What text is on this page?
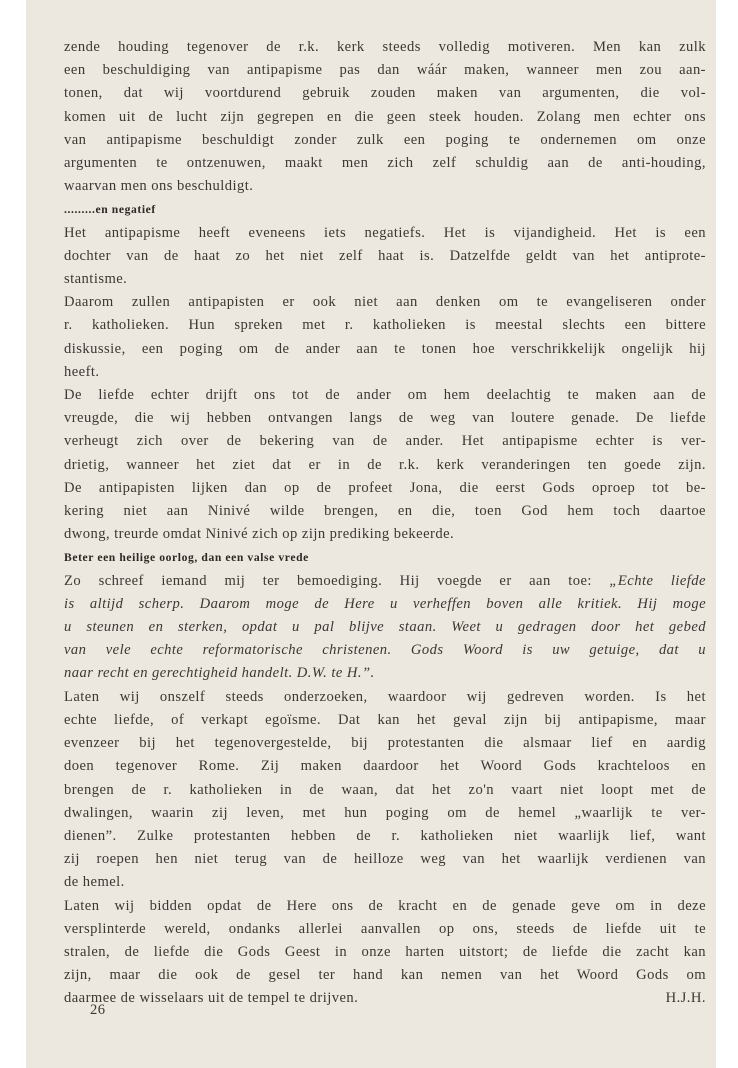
zende houding tegenover de r.k. kerk steeds volledig motiveren. Men kan zulk

een beschuldiging van antipapisme pas dan wáár maken, wanneer men zou aan-

tonen, dat wij voortdurend gebruik zouden maken van argumenten, die vol-

komen uit de lucht zijn gegrepen en die geen steek houden. Zolang men echter ons

van antipapisme beschuldigt zonder zulk een poging te ondernemen om onze

argumenten te ontzenuwen, maakt men zich zelf schuldig aan de anti-houding,

waarvan men ons beschuldigt.

.........en negatief

Het antipapisme heeft eveneens iets negatiefs. Het is vijandigheid. Het is een

dochter van de haat zo het niet zelf haat is. Datzelfde geldt van het antiprote-

stantisme.

Daarom zullen antipapisten er ook niet aan denken om te evangeliseren onder

r. katholieken. Hun spreken met r. katholieken is meestal slechts een bittere

diskussie, een poging om de ander aan te tonen hoe verschrikkelijk ongelijk hij

heeft.

De liefde echter drijft ons tot de ander om hem deelachtig te maken aan de

vreugde, die wij hebben ontvangen langs de weg van loutere genade. De liefde

verheugt zich over de bekering van de ander. Het antipapisme echter is ver-

drietig, wanneer het ziet dat er in de r.k. kerk veranderingen ten goede zijn.

De antipapisten lijken dan op de profeet Jona, die eerst Gods oproep tot be-

kering niet aan Ninivé wilde brengen, en die, toen God hem toch daartoe

dwong, treurde omdat Ninivé zich op zijn prediking bekeerde.

Beter een heilige oorlog, dan een valse vrede

Zo schreef iemand mij ter bemoediging. Hij voegde er aan toe: „Echte liefde

is altijd scherp. Daarom moge de Here u verheffen boven alle kritiek. Hij moge

u steunen en sterken, opdat u pal blijve staan. Weet u gedragen door het gebed

van vele echte reformatorische christenen. Gods Woord is uw getuige, dat u

naar recht en gerechtigheid handelt. D.W. te H.”.

Laten wij onszelf steeds onderzoeken, waardoor wij gedreven worden. Is het

echte liefde, of verkapt egoïsme. Dat kan het geval zijn bij antipapisme, maar

evenzeer bij het tegenovergestelde, bij protestanten die alsmaar lief en aardig

doen tegenover Rome. Zij maken daardoor het Woord Gods krachteloos en

brengen de r. katholieken in de waan, dat het zo'n vaart niet loopt met de

dwalingen, waarin zij leven, met hun poging om de hemel „waarlijk te ver-

dienen”. Zulke protestanten hebben de r. katholieken niet waarlijk lief, want

zij roepen hen niet terug van de heilloze weg van het waarlijk verdienen van

de hemel.

Laten wij bidden opdat de Here ons de kracht en de genade geve om in deze

versplinterde wereld, ondanks allerlei aanvallen op ons, steeds de liefde uit te

stralen, de liefde die Gods Geest in onze harten uitstort; de liefde die zacht kan

zijn, maar die ook de gesel ter hand kan nemen van het Woord Gods om

daarmee de wisselaars uit de tempel te drijven.	H.J.H.
26
